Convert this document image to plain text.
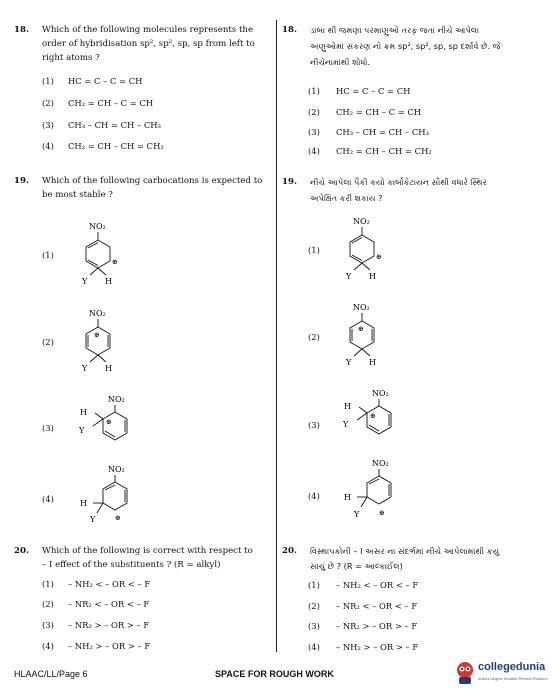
18. Which of the following molecules represents the
order of hybridisation sp², sp², sp, sp from left to
right atoms ?
(1) HC = C – C = CH
(2) CH₂ = CH – C = CH
(3) CH₃ – CH = CH – CH₃
(4) CH₂ = CH – CH = CH₂
19. Which of the following carbocations is expected to
be most stable ?
(1)
NO₂
⊕
Y H
(2)
NO₂
⊕
Y H
(3)
NO₂
⊕
H
Y
(4)
NO₂
⊕
H
Y
20. Which of the following is correct with respect to
– I effect of the substituents ? (R = alkyl)
(1) – NH₂ < – OR < – F
(2) – NR₂ < – OR < – F
(3) – NR₂ > – OR > – F
(4) – NH₂ > – OR > – F
18. ડાબા થી જમણા પરમાણુઓ તરફ જતા નીચે આપેલા
અણુઓમાં સંકરણ નો ક્રમ sp², sp², sp, sp દર્શાવે છે. જે
નીચેનામાંથી શોધો.
(1) HC = C – C = CH
(2) CH₂ = CH – C = CH
(3) CH₃ – CH = CH – CH₃
(4) CH₂ = CH – CH = CH₂
19. નીચે આપેલા પૈકી કયો કાર્બોકેટાયન સૌથી વધારે સ્થિર
અપેક્ષિત કરી શકાય ?
(1)
NO₂
⊕
Y H
(2)
NO₂
⊕
Y H
(3)
NO₂
⊕
H
Y
(4)
NO₂
⊕
H
Y
20. વિસ્થાપકોની – I અસર ના સંદર્ભમાં નીચે આપેલામાંથી કયું
સાચું છે ? (R = આલ્કાઈલ)
(1) – NH₂ < – OR < – F
(2) – NR₂ < – OR < – F
(3) – NR₂ > – OR > – F
(4) – NH₂ > – OR > – F
HLAAC/LL/Page 6	SPACE FOR ROUGH WORK
collegedunia
India's largest Student Review Platform
